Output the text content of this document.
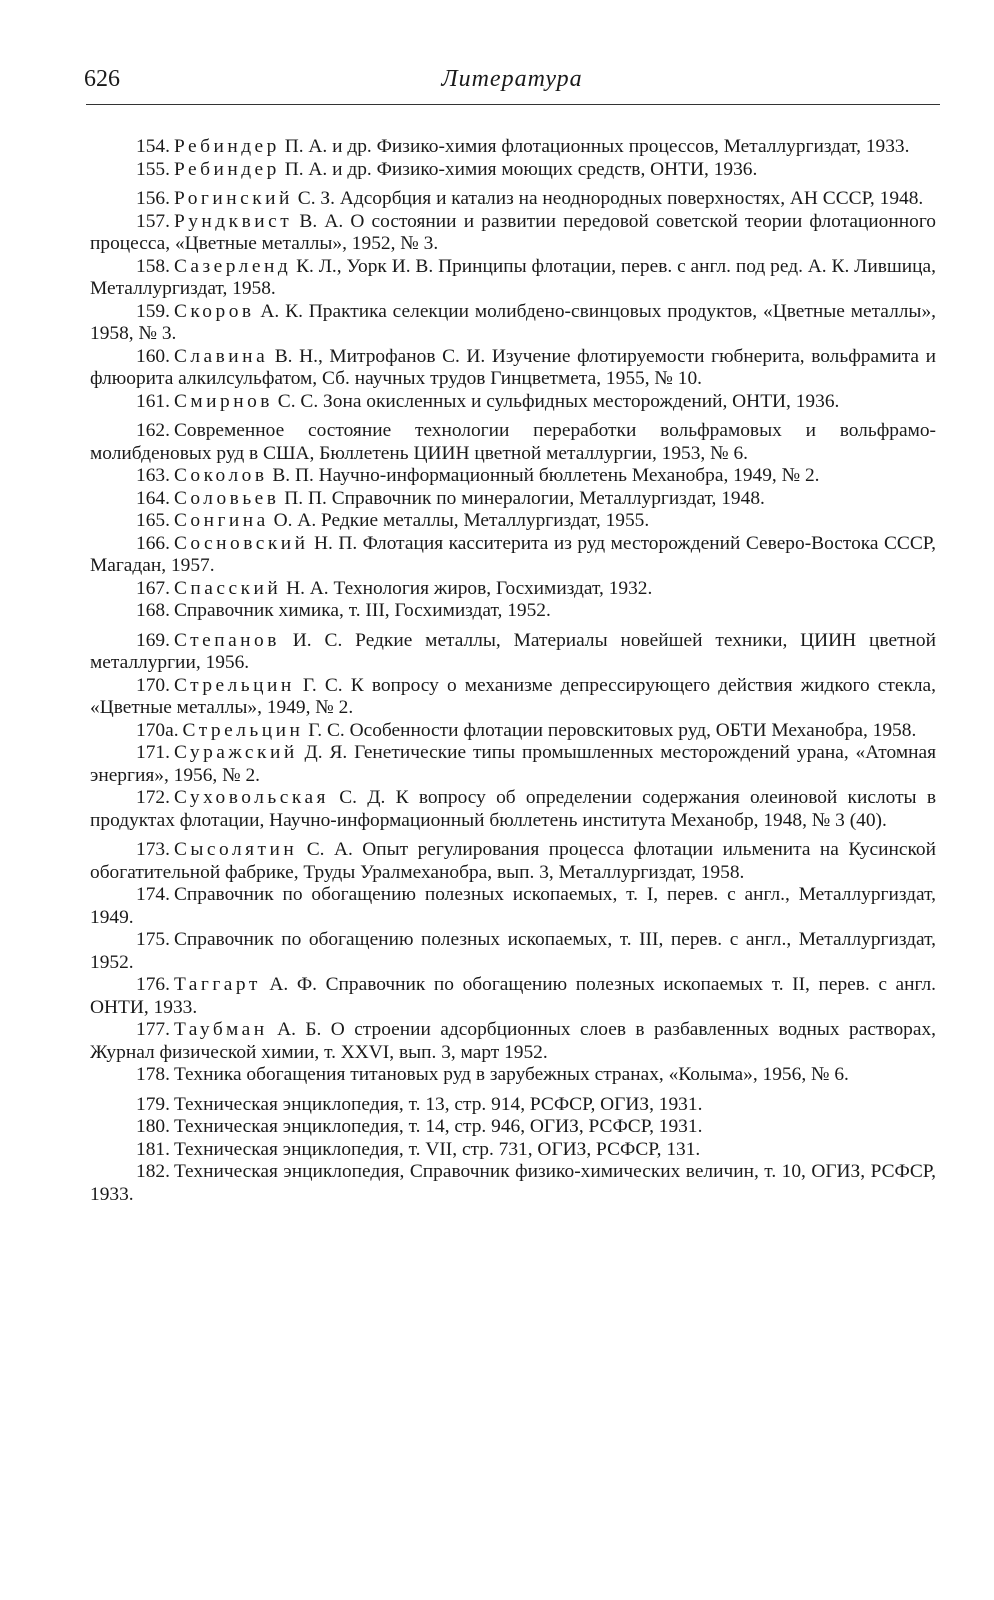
626	Литература
154. Ребиндер П. А. и др. Физико-химия флотационных процессов, Металлургиздат, 1933.
155. Ребиндер П. А. и др. Физико-химия моющих средств, ОНТИ, 1936.
156. Рогинский С. З. Адсорбция и катализ на неоднородных поверхностях, АН СССР, 1948.
157. Рундквист В. А. О состоянии и развитии передовой советской теории флотационного процесса, «Цветные металлы», 1952, № 3.
158. Сазерленд К. Л., Уорк И. В. Принципы флотации, перев. с англ. под ред. А. К. Лившица, Металлургиздат, 1958.
159. Скоров А. К. Практика селекции молибдено-свинцовых продуктов, «Цветные металлы», 1958, № 3.
160. Славина В. Н., Митрофанов С. И. Изучение флотируемости гюбнерита, вольфрамита и флюорита алкилсульфатом, Сб. научных трудов Гинцветмета, 1955, № 10.
161. Смирнов С. С. Зона окисленных и сульфидных месторождений, ОНТИ, 1936.
162. Современное состояние технологии переработки вольфрамовых и вольфрамо-молибденовых руд в США, Бюллетень ЦИИН цветной металлургии, 1953, № 6.
163. Соколов В. П. Научно-информационный бюллетень Механобра, 1949, № 2.
164. Соловьев П. П. Справочник по минералогии, Металлургиздат, 1948.
165. Сонгина О. А. Редкие металлы, Металлургиздат, 1955.
166. Сосновский Н. П. Флотация касситерита из руд месторождений Северо-Востока СССР, Магадан, 1957.
167. Спасский Н. А. Технология жиров, Госхимиздат, 1932.
168. Справочник химика, т. III, Госхимиздат, 1952.
169. Степанов И. С. Редкие металлы, Материалы новейшей техники, ЦИИН цветной металлургии, 1956.
170. Стрельцин Г. С. К вопросу о механизме депрессирующего действия жидкого стекла, «Цветные металлы», 1949, № 2.
170а. Стрельцин Г. С. Особенности флотации перовскитовых руд, ОБТИ Механобра, 1958.
171. Суражский Д. Я. Генетические типы промышленных месторождений урана, «Атомная энергия», 1956, № 2.
172. Суховольская С. Д. К вопросу об определении содержания олеиновой кислоты в продуктах флотации, Научно-информационный бюллетень института Механобр, 1948, № 3 (40).
173. Сысолятин С. А. Опыт регулирования процесса флотации ильменита на Кусинской обогатительной фабрике, Труды Уралмеханобра, вып. 3, Металлургиздат, 1958.
174. Справочник по обогащению полезных ископаемых, т. I, перев. с англ., Металлургиздат, 1949.
175. Справочник по обогащению полезных ископаемых, т. III, перев. с англ., Металлургиздат, 1952.
176. Таггарт А. Ф. Справочник по обогащению полезных ископаемых т. II, перев. с англ. ОНТИ, 1933.
177. Таубман А. Б. О строении адсорбционных слоев в разбавленных водных растворах, Журнал физической химии, т. XXVI, вып. 3, март 1952.
178. Техника обогащения титановых руд в зарубежных странах, «Колыма», 1956, № 6.
179. Техническая энциклопедия, т. 13, стр. 914, РСФСР, ОГИЗ, 1931.
180. Техническая энциклопедия, т. 14, стр. 946, ОГИЗ, РСФСР, 1931.
181. Техническая энциклопедия, т. VII, стр. 731, ОГИЗ, РСФСР, 131.
182. Техническая энциклопедия, Справочник физико-химических величин, т. 10, ОГИЗ, РСФСР, 1933.
